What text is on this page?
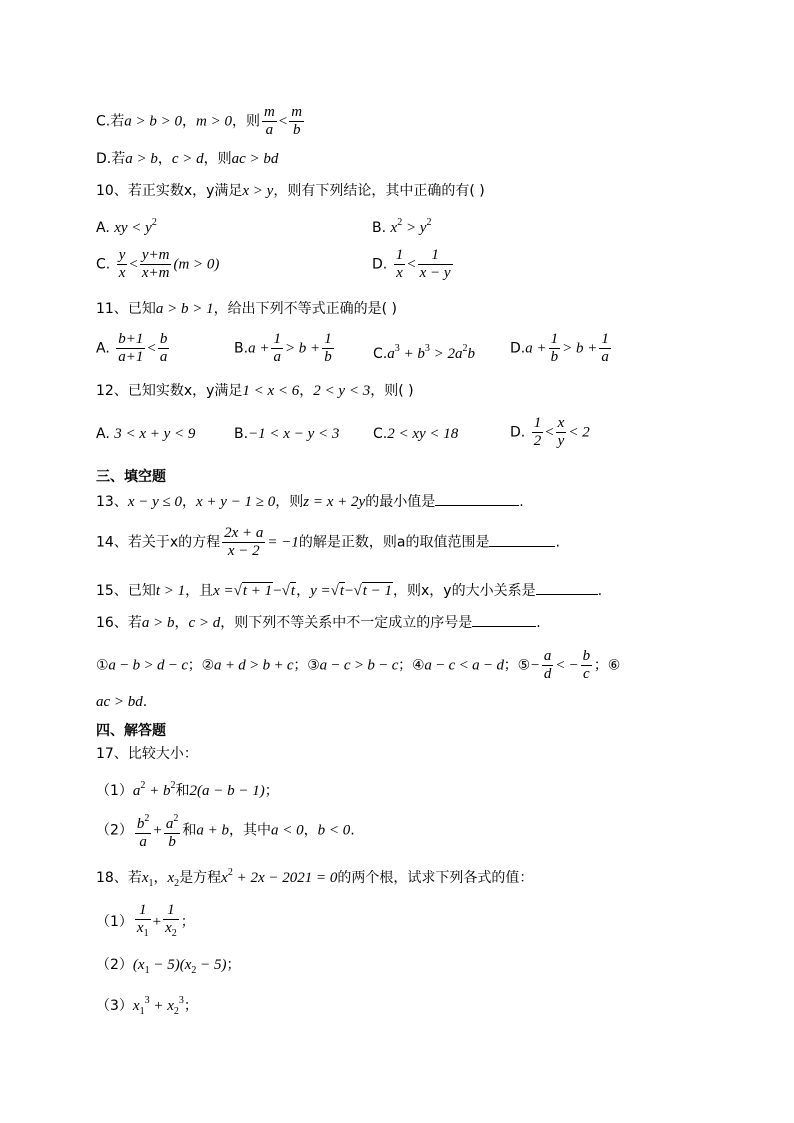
C.若a > b > 0，m > 0，则 $\frac{m}{a} < \frac{m}{b}$
D.若a > b，c > d，则ac > bd
10、若正实数x，y满足x > y，则有下列结论，其中正确的有( )
A. xy < $y^2$	B. $x^2 > y^2$
C. $\frac{y}{x} < \frac{y+m}{x+m} (m > 0)$	D. $\frac{1}{x} < \frac{1}{x - y}$
11、已知a > b > 1，给出下列不等式正确的是( )
A. $\frac{b+1}{a+1} < \frac{b}{a}$	$B.a + \frac{1}{a} > b + \frac{1}{b}$	$C.a^3 + b^3 > 2a^2b$	$D.a + \frac{1}{b} > b + \frac{1}{a}$
12、已知实数x，y满足1 < x < 6，2 < y < 3，则( )
A. 3 < x + y < 9	B.−1 < x − y < 3 C.2 < xy < 18	D. $\frac{1}{2} < \frac{x}{y} < 2$
三、填空题
13、x − y ≤ 0，x + y − 1 ≥ 0，则z = x + 2y的最小值是	.
14、若关于x的方程 $\frac{2x + a}{x - 2} = -1$的解是正数，则a的取值范围是	.
15、已知t > 1，且x =√t + 1−√t，y =√t−√t − 1，则x，y的大小关系是	.
16、若a > b，c > d，则下列不等关系中不一定成立的序号是	.
①a − b > d − c；②a + d > b + c；③a − c > b − c；④a − c < a − d；⑤− $\frac{a}{d}$ < − $\frac{b}{c}$ ；⑥
ac > bd.
四、解答题
17、比较大小：
$(1)a^2 + b^2$和2(a − b − 1)；
$(2) \frac{b^2}{a} + \frac{a^2}{b}$ 和a + b，其中a < 0，b < 0.
18、若$x_1$，$x_2$是方程$x^2 + 2x - 2021 = 0$的两个根，试求下列各式的值：
$(1) \frac{1}{x_1} + \frac{1}{x_2}$ ；
$(2)(x_1 - 5)(x_2 - 5)$；
$(3)x_1^3 + x_2^3$；
